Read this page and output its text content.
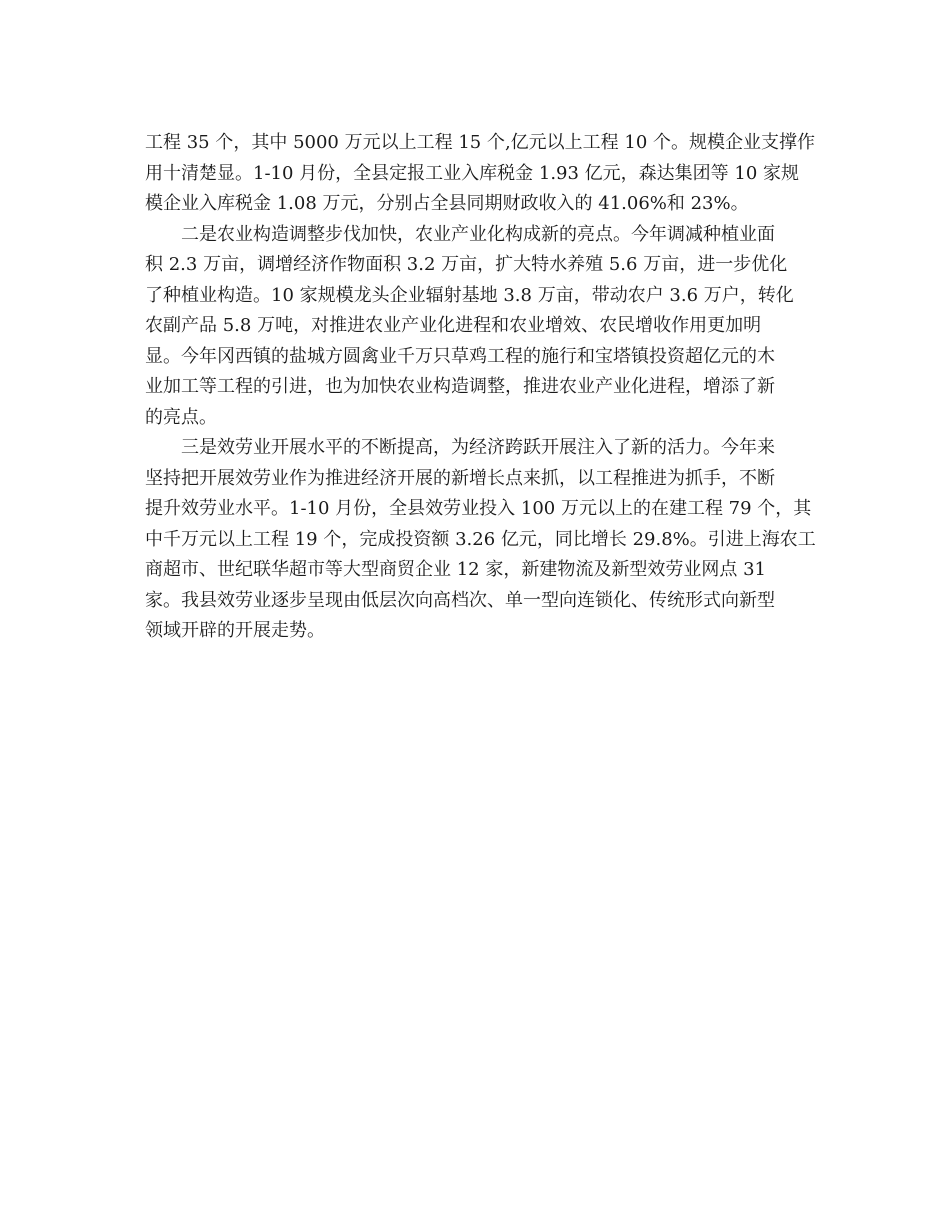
工程 35 个，其中 5000 万元以上工程 15 个,亿元以上工程 10 个。规模企业支撑作
用十清楚显。1-10 月份，全县定报工业入库税金 1.93 亿元，森达集团等 10 家规
模企业入库税金 1.08 万元，分别占全县同期财政收入的 41.06%和 23%。
　　二是农业构造调整步伐加快，农业产业化构成新的亮点。今年调减种植业面
积 2.3 万亩，调增经济作物面积 3.2 万亩，扩大特水养殖 5.6 万亩，进一步优化
了种植业构造。10 家规模龙头企业辐射基地 3.8 万亩，带动农户 3.6 万户，转化
农副产品 5.8 万吨，对推进农业产业化进程和农业增效、农民增收作用更加明
显。今年冈西镇的盐城方圆禽业千万只草鸡工程的施行和宝塔镇投资超亿元的木
业加工等工程的引进，也为加快农业构造调整，推进农业产业化进程，增添了新
的亮点。
　　三是效劳业开展水平的不断提高，为经济跨跃开展注入了新的活力。今年来
坚持把开展效劳业作为推进经济开展的新增长点来抓，以工程推进为抓手，不断
提升效劳业水平。1-10 月份，全县效劳业投入 100 万元以上的在建工程 79 个，其
中千万元以上工程 19 个，完成投资额 3.26 亿元，同比增长 29.8%。引进上海农工
商超市、世纪联华超市等大型商贸企业 12 家，新建物流及新型效劳业网点 31
家。我县效劳业逐步呈现由低层次向高档次、单一型向连锁化、传统形式向新型
领域开辟的开展走势。
